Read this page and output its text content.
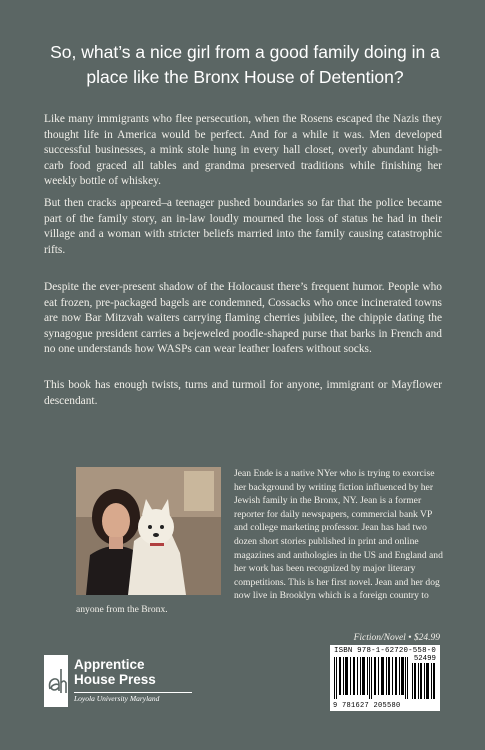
So, what’s a nice girl from a good family doing in a place like the Bronx House of Detention?
Like many immigrants who flee persecution, when the Rosens escaped the Nazis they thought life in America would be perfect. And for a while it was. Men developed successful businesses, a mink stole hung in every hall closet, overly abundant high-carb food graced all tables and grandma preserved traditions while finishing her weekly bottle of whiskey.
But then cracks appeared–a teenager pushed boundaries so far that the police became part of the family story, an in-law loudly mourned the loss of status he had in their village and a woman with stricter beliefs married into the family causing catastrophic rifts.
Despite the ever-present shadow of the Holocaust there’s frequent humor. People who eat frozen, pre-packaged bagels are condemned, Cossacks who once incinerated towns are now Bar Mitzvah waiters carrying flaming cherries jubilee, the chippie dating the synagogue president carries a bejeweled poodle-shaped purse that barks in French and no one understands how WASPs can wear leather loafers without socks.
This book has enough twists, turns and turmoil for anyone, immigrant or Mayflower descendant.
Jean Ende is a native NYer who is trying to exorcise her background by writing fiction influenced by her Jewish family in the Bronx, NY. Jean is a former reporter for daily newspapers, commercial bank VP and college marketing professor. Jean has had two dozen short stories published in print and online magazines and anthologies in the US and England and her work has been recognized by major literary competitions. This is her first novel. Jean and her dog now live in Brooklyn which is a foreign country to anyone from the Bronx.
Fiction/Novel • $24.99
ISBN 978-1-62720-558-0
52499
9 781627 205580
Apprentice
House Press
Loyola University Maryland
